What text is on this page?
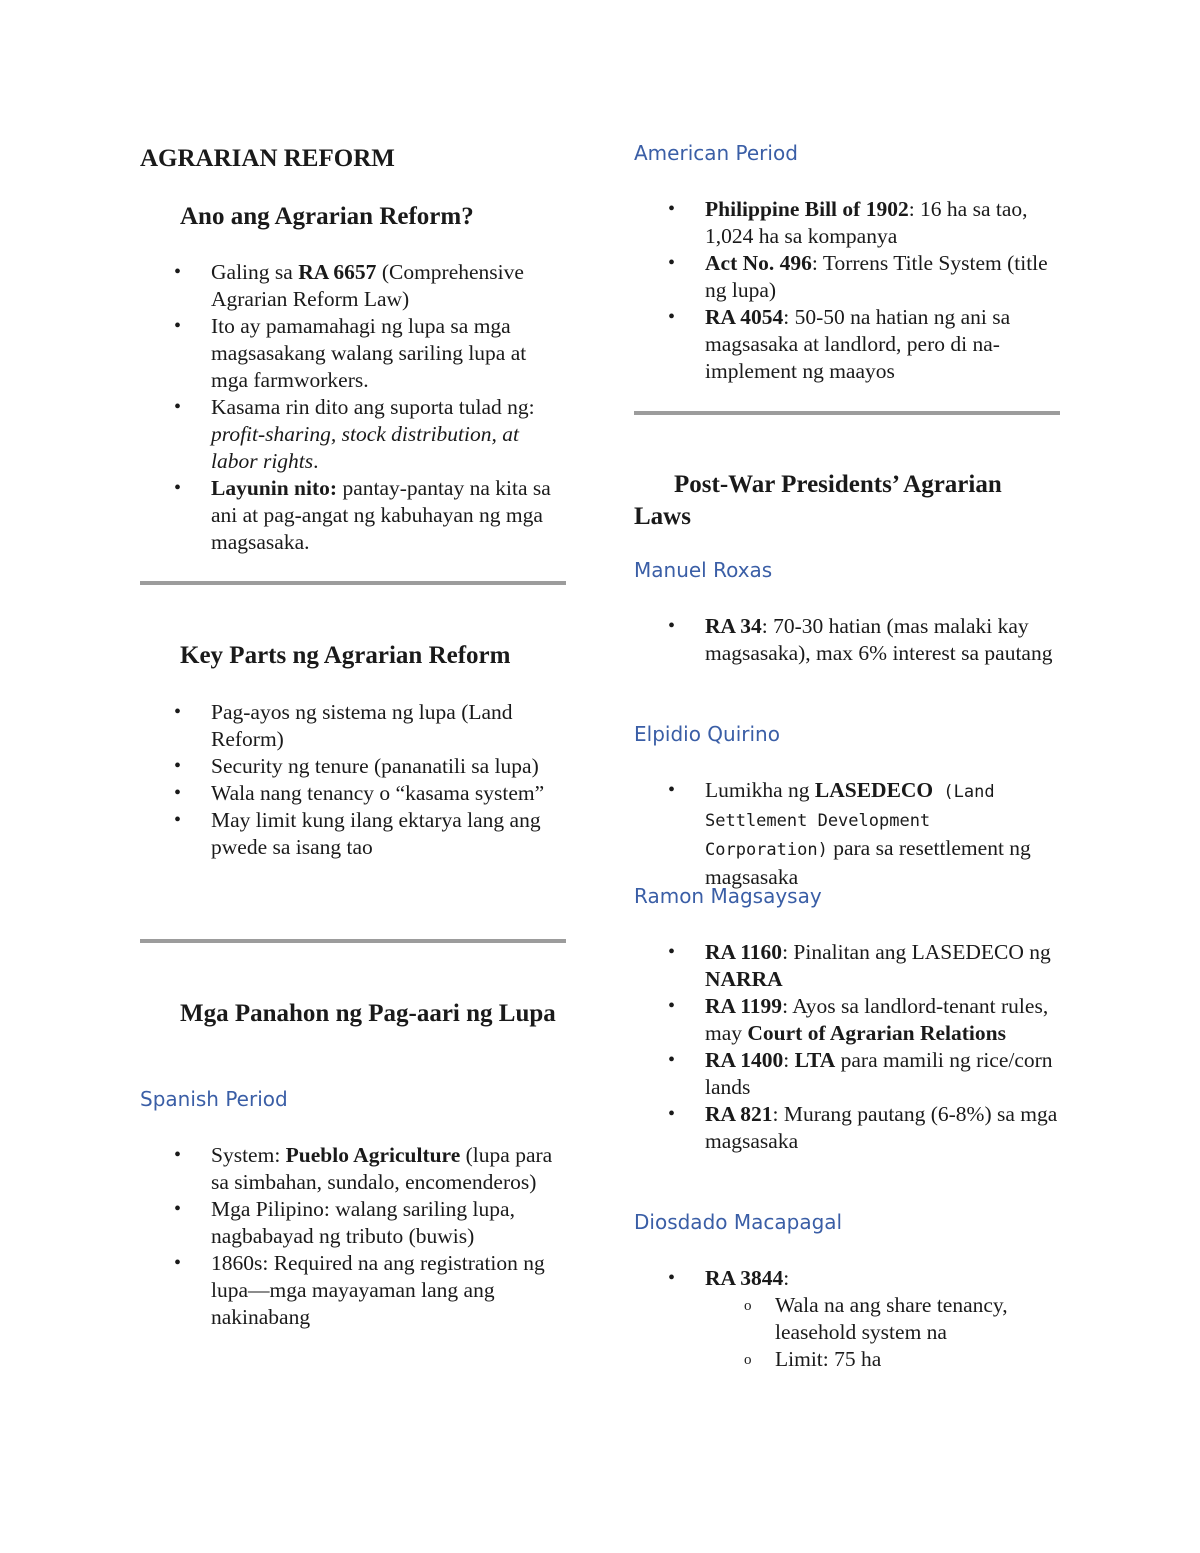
AGRARIAN REFORM
Ano ang Agrarian Reform?
• Galing sa RA 6657 (Comprehensive Agrarian Reform Law)
• Ito ay pamamahagi ng lupa sa mga magsasakang walang sariling lupa at mga farmworkers.
• Kasama rin dito ang suporta tulad ng: profit-sharing, stock distribution, at labor rights.
• Layunin nito: pantay-pantay na kita sa ani at pag-angat ng kabuhayan ng mga magsasaka.
Key Parts ng Agrarian Reform
• Pag-ayos ng sistema ng lupa (Land Reform)
• Security ng tenure (pananatili sa lupa)
• Wala nang tenancy o “kasama system”
• May limit kung ilang ektarya lang ang pwede sa isang tao
Mga Panahon ng Pag-aari ng Lupa
Spanish Period
• System: Pueblo Agriculture (lupa para sa simbahan, sundalo, encomenderos)
• Mga Pilipino: walang sariling lupa, nagbabayad ng tributo (buwis)
• 1860s: Required na ang registration ng lupa—mga mayayaman lang ang nakinabang
American Period
• Philippine Bill of 1902: 16 ha sa tao, 1,024 ha sa kompanya
• Act No. 496: Torrens Title System (title ng lupa)
• RA 4054: 50-50 na hatian ng ani sa magsasaka at landlord, pero di na-implement ng maayos
Post-War Presidents’ Agrarian Laws
Manuel Roxas
• RA 34: 70-30 hatian (mas malaki kay magsasaka), max 6% interest sa pautang
Elpidio Quirino
• Lumikha ng LASEDECO (Land Settlement Development Corporation) para sa resettlement ng magsasaka
Ramon Magsaysay
• RA 1160: Pinalitan ang LASEDECO ng NARRA
• RA 1199: Ayos sa landlord-tenant rules, may Court of Agrarian Relations
• RA 1400: LTA para mamili ng rice/corn lands
• RA 821: Murang pautang (6-8%) sa mga magsasaka
Diosdado Macapagal
• RA 3844:
o Wala na ang share tenancy, leasehold system na
o Limit: 75 ha
